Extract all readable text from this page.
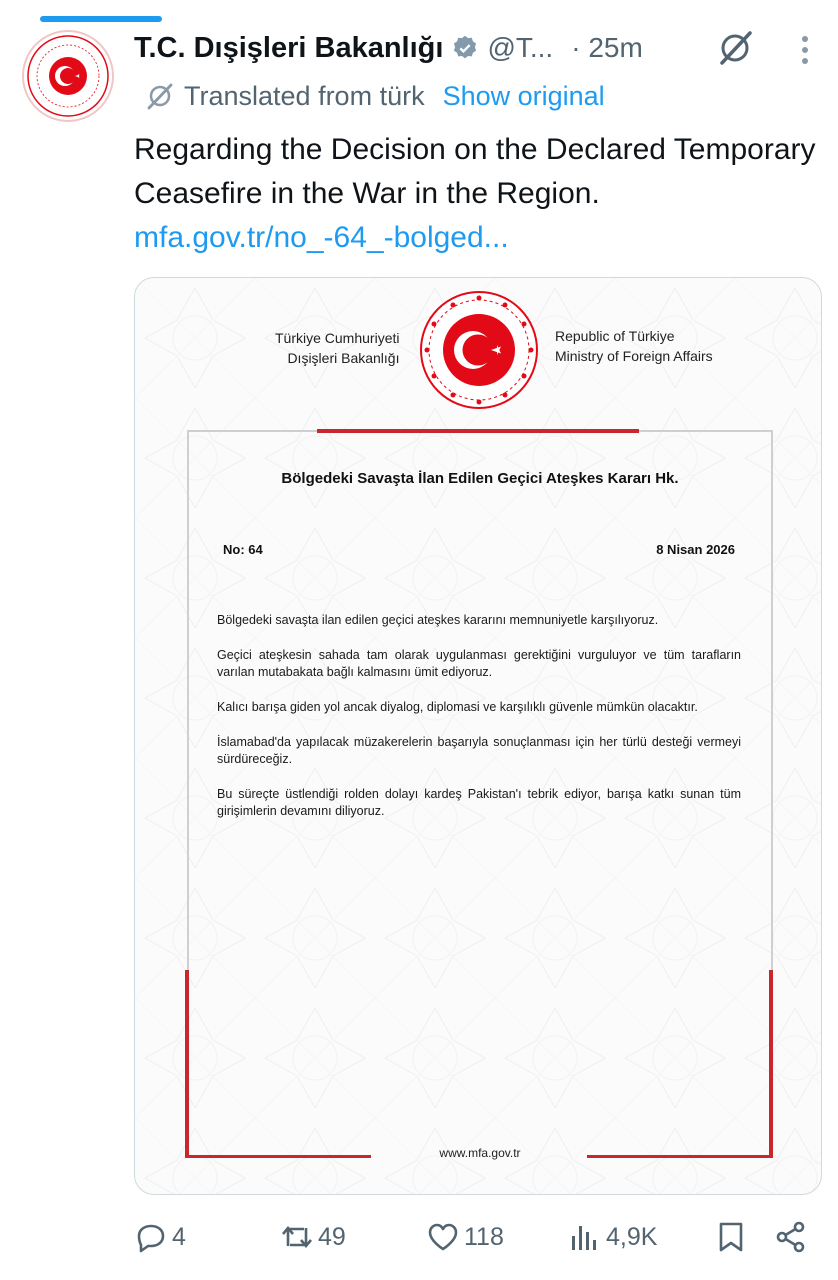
T.C. Dışişleri Bakanlığı @T... · 25m
Translated from türk Show original
Regarding the Decision on the Declared Temporary Ceasefire in the War in the Region.
mfa.gov.tr/no_-64_-bolged...
Türkiye Cumhuriyeti
Dışişleri Bakanlığı
Republic of Türkiye
Ministry of Foreign Affairs
Bölgedeki Savaşta İlan Edilen Geçici Ateşkes Kararı Hk.
No: 64	8 Nisan 2026

Bölgedeki savaşta ilan edilen geçici ateşkes kararını memnuniyetle karşılıyoruz.

Geçici ateşkesin sahada tam olarak uygulanması gerektiğini vurguluyor ve tüm tarafların varılan mutabakata bağlı kalmasını ümit ediyoruz.

Kalıcı barışa giden yol ancak diyalog, diplomasi ve karşılıklı güvenle mümkün olacaktır.

İslamabad'da yapılacak müzakerelerin başarıyla sonuçlanması için her türlü desteği vermeyi sürdüreceğiz.

Bu süreçte üstlendiği rolden dolayı kardeş Pakistan'ı tebrik ediyor, barışa katkı sunan tüm girişimlerin devamını diliyoruz.

www.mfa.gov.tr
4	49	118	4,9K
